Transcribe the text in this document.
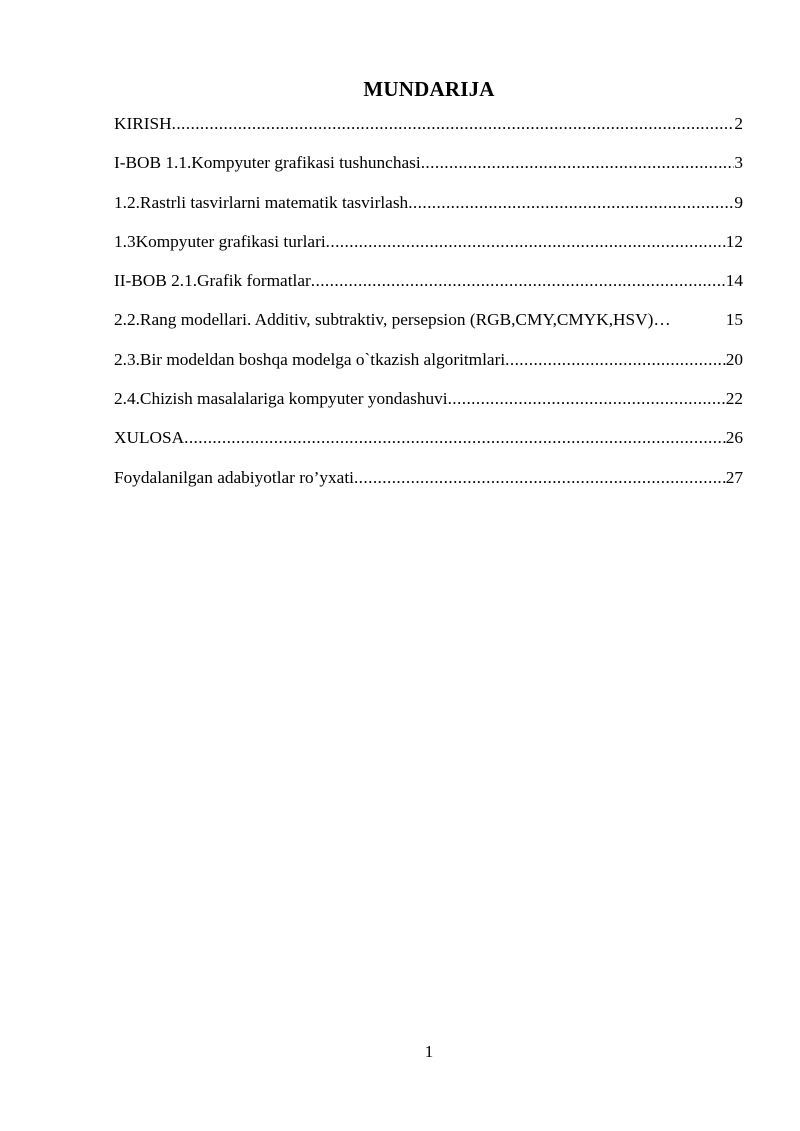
MUNDARIJA
KIRISH .....	2
I-BOB 1.1.Kompyuter grafikasi tushunchasi .....	3
1.2.Rastrli tasvirlarni matematik tasvirlash .....	9
1.3Kompyuter grafikasi turlari .....	12
II-BOB 2.1.Grafik formatlar .....	14
2.2.Rang modellari. Additiv, subtraktiv, persepsion (RGB,CMY,CMYK,HSV)…	15
2.3.Bir modeldan boshqa modelga o`tkazish algoritmlari .....	20
2.4.Chizish masalalariga kompyuter yondashuvi .....	22
XULOSA .....	26
Foydalanilgan adabiyotlar ro’yxati .....	27
1
